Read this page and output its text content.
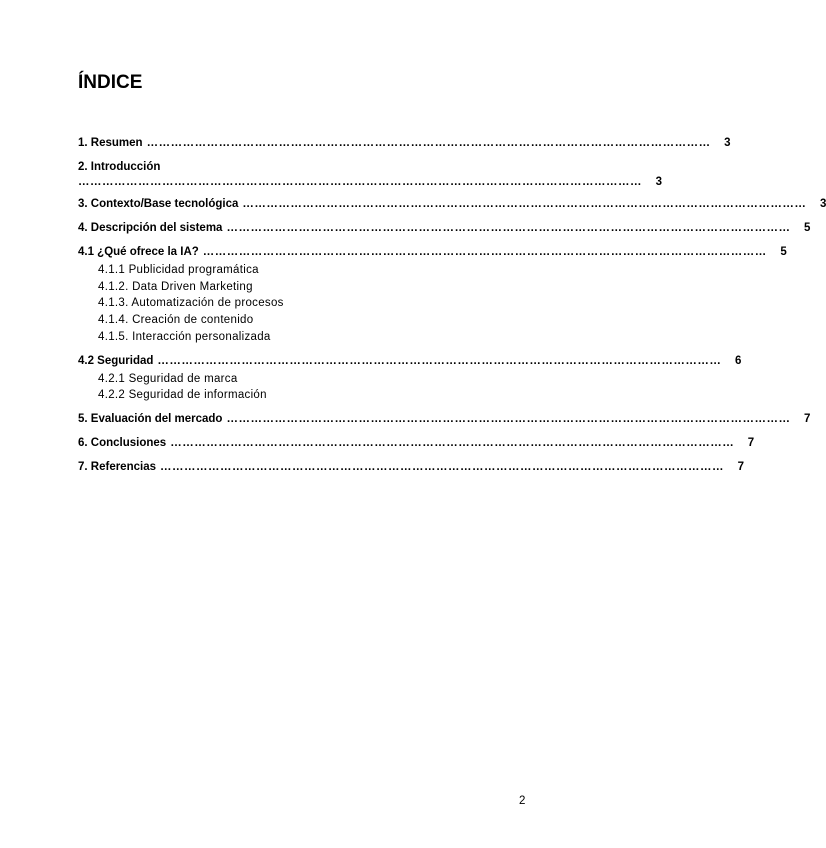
ÍNDICE
1. Resumen ……………………………………………………………………………………………………………………………	3
2. Introducción
……………………………………………………………………………………………………………………………	3
3. Contexto/Base tecnológica ……………………………………………………………………………………………………………………………	3
4. Descripción del sistema ……………………………………………………………………………………………………………………………	5
4.1 ¿Qué ofrece la IA? ……………………………………………………………………………………………………………………………	5
4.1.1 Publicidad programática
4.1.2. Data Driven Marketing
4.1.3. Automatización de procesos
4.1.4. Creación de contenido
4.1.5. Interacción personalizada
4.2 Seguridad ……………………………………………………………………………………………………………………………	6
4.2.1 Seguridad de marca
4.2.2 Seguridad de información
5. Evaluación del mercado ……………………………………………………………………………………………………………………………	7
6. Conclusiones ……………………………………………………………………………………………………………………………	7
7. Referencias ……………………………………………………………………………………………………………………………	7
2
